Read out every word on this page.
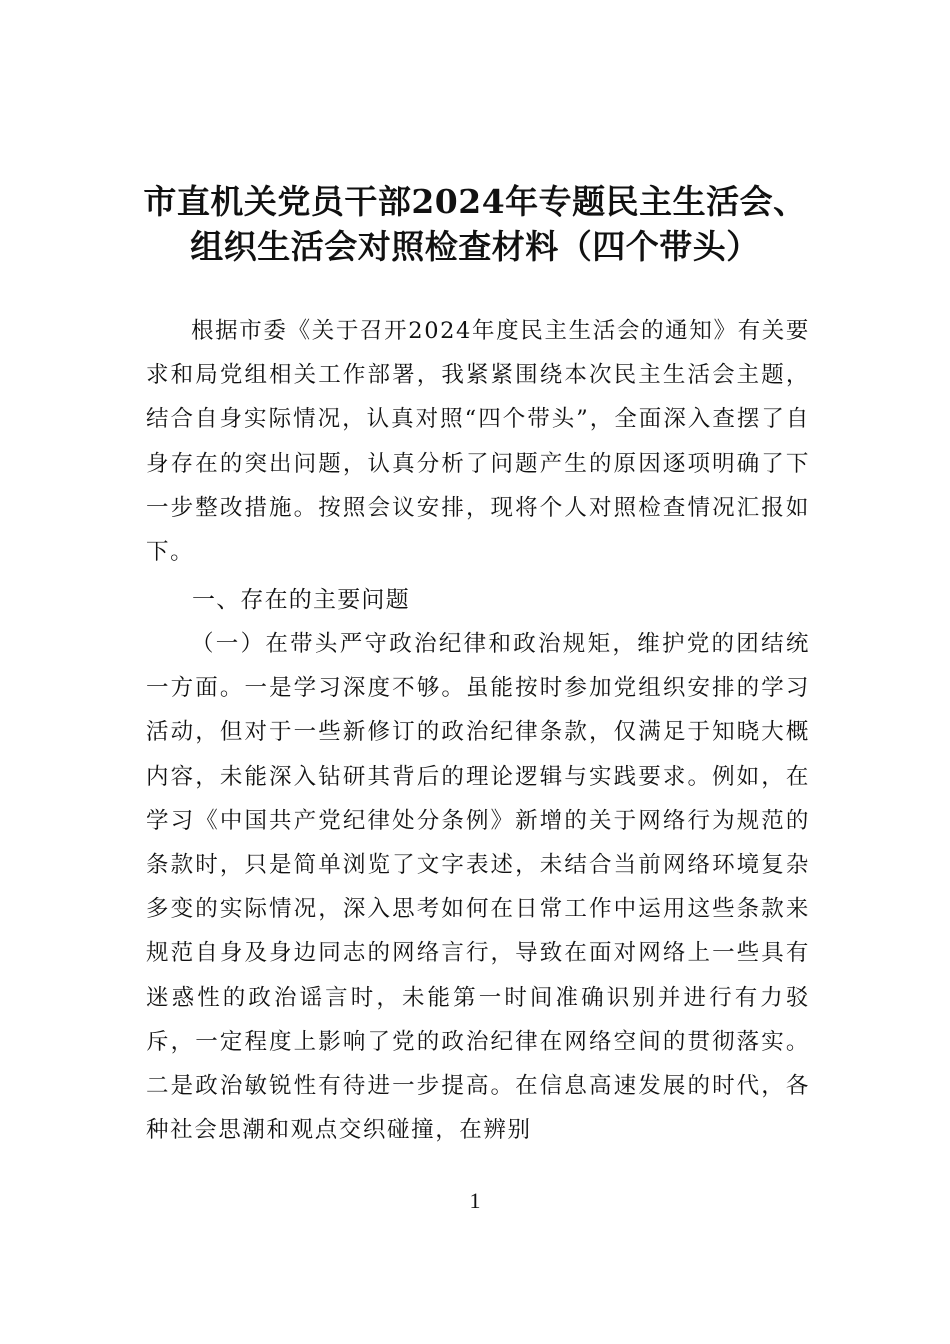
市直机关党员干部2024年专题民主生活会、
组织生活会对照检查材料（四个带头）

根据市委《关于召开2024年度民主生活会的通知》有关要求和局党组相关工作部署，我紧紧围绕本次民主生活会主题，结合自身实际情况，认真对照“四个带头”，全面深入查摆了自身存在的突出问题，认真分析了问题产生的原因逐项明确了下一步整改措施。按照会议安排，现将个人对照检查情况汇报如下。

一、存在的主要问题

（一）在带头严守政治纪律和政治规矩，维护党的团结统一方面。一是学习深度不够。虽能按时参加党组织安排的学习活动，但对于一些新修订的政治纪律条款，仅满足于知晓大概内容，未能深入钻研其背后的理论逻辑与实践要求。例如，在学习《中国共产党纪律处分条例》新增的关于网络行为规范的条款时，只是简单浏览了文字表述，未结合当前网络环境复杂多变的实际情况，深入思考如何在日常工作中运用这些条款来规范自身及身边同志的网络言行，导致在面对网络上一些具有迷惑性的政治谣言时，未能第一时间准确识别并进行有力驳斥，一定程度上影响了党的政治纪律在网络空间的贯彻落实。二是政治敏锐性有待进一步提高。在信息高速发展的时代，各种社会思潮和观点交织碰撞，在辨别

1
